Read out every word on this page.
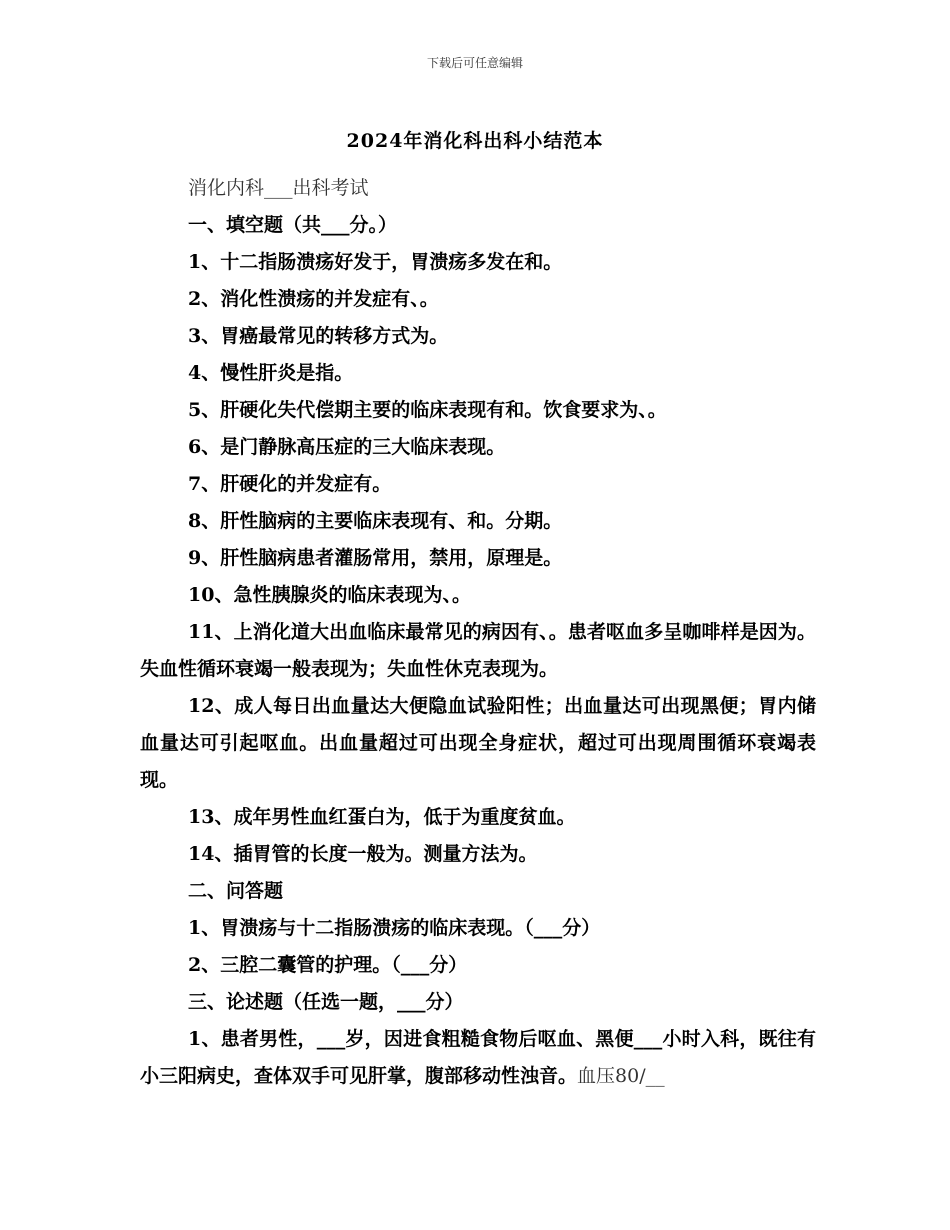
下载后可任意编辑
2024年消化科出科小结范本

消化内科___出科考试

一、填空题（共___分。）

1、十二指肠溃疡好发于，胃溃疡多发在和。

2、消化性溃疡的并发症有、。

3、胃癌最常见的转移方式为。

4、慢性肝炎是指。

5、肝硬化失代偿期主要的临床表现有和。饮食要求为、。

6、是门静脉高压症的三大临床表现。

7、肝硬化的并发症有。

8、肝性脑病的主要临床表现有、和。分期。

9、肝性脑病患者灌肠常用，禁用，原理是。

10、急性胰腺炎的临床表现为、。

11、上消化道大出血临床最常见的病因有、。患者呕血多呈咖啡样是因为。失血性循环衰竭一般表现为；失血性休克表现为。

12、成人每日出血量达大便隐血试验阳性；出血量达可出现黑便；胃内储血量达可引起呕血。出血量超过可出现全身症状，超过可出现周围循环衰竭表现。

13、成年男性血红蛋白为，低于为重度贫血。

14、插胃管的长度一般为。测量方法为。

二、问答题

1、胃溃疡与十二指肠溃疡的临床表现。（___分）

2、三腔二囊管的护理。（___分）

三、论述题（任选一题，___分）

1、患者男性，___岁，因进食粗糙食物后呕血、黑便___小时入科，既往有小三阳病史，查体双手可见肝掌，腹部移动性浊音。血压80/__
